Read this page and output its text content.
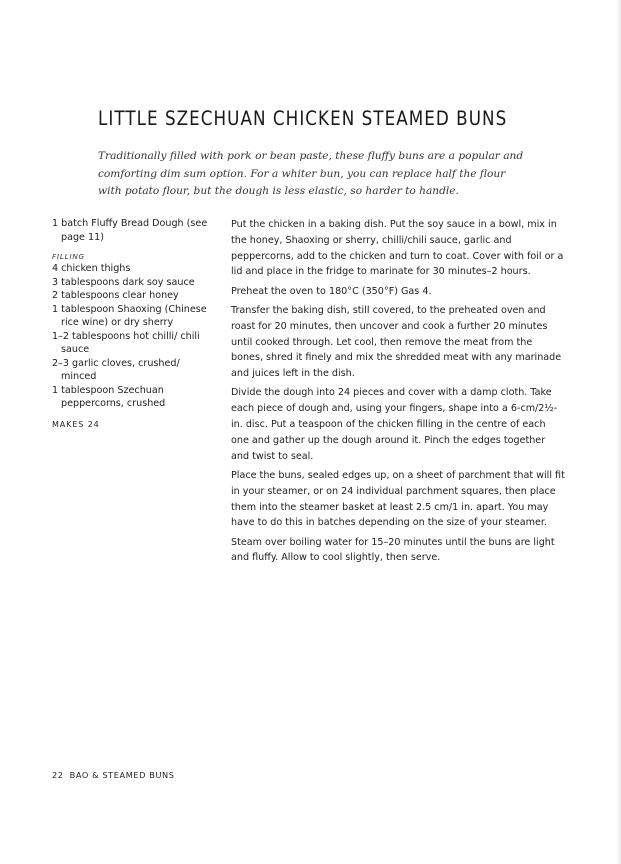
LITTLE SZECHUAN CHICKEN STEAMED BUNS

Traditionally filled with pork or bean paste, these fluffy buns are a popular and comforting dim sum option. For a whiter bun, you can replace half the flour with potato flour, but the dough is less elastic, so harder to handle.

1 batch Fluffy Bread Dough (see page 11)

FILLING

4 chicken thighs

3 tablespoons dark soy sauce

2 tablespoons clear honey

1 tablespoon Shaoxing (Chinese rice wine) or dry sherry

1–2 tablespoons hot chilli/ chili sauce

2–3 garlic cloves, crushed/ minced

1 tablespoon Szechuan peppercorns, crushed

MAKES 24

Put the chicken in a baking dish. Put the soy sauce in a bowl, mix in the honey, Shaoxing or sherry, chilli/chili sauce, garlic and peppercorns, add to the chicken and turn to coat. Cover with foil or a lid and place in the fridge to marinate for 30 minutes–2 hours.

Preheat the oven to 180°C (350°F) Gas 4.

Transfer the baking dish, still covered, to the preheated oven and roast for 20 minutes, then uncover and cook a further 20 minutes until cooked through. Let cool, then remove the meat from the bones, shred it finely and mix the shredded meat with any marinade and juices left in the dish.

Divide the dough into 24 pieces and cover with a damp cloth. Take each piece of dough and, using your fingers, shape into a 6-cm/2½-in. disc. Put a teaspoon of the chicken filling in the centre of each one and gather up the dough around it. Pinch the edges together and twist to seal.

Place the buns, sealed edges up, on a sheet of parchment that will fit in your steamer, or on 24 individual parchment squares, then place them into the steamer basket at least 2.5 cm/1 in. apart. You may have to do this in batches depending on the size of your steamer.

Steam over boiling water for 15–20 minutes until the buns are light and fluffy. Allow to cool slightly, then serve.

22 BAO & STEAMED BUNS
